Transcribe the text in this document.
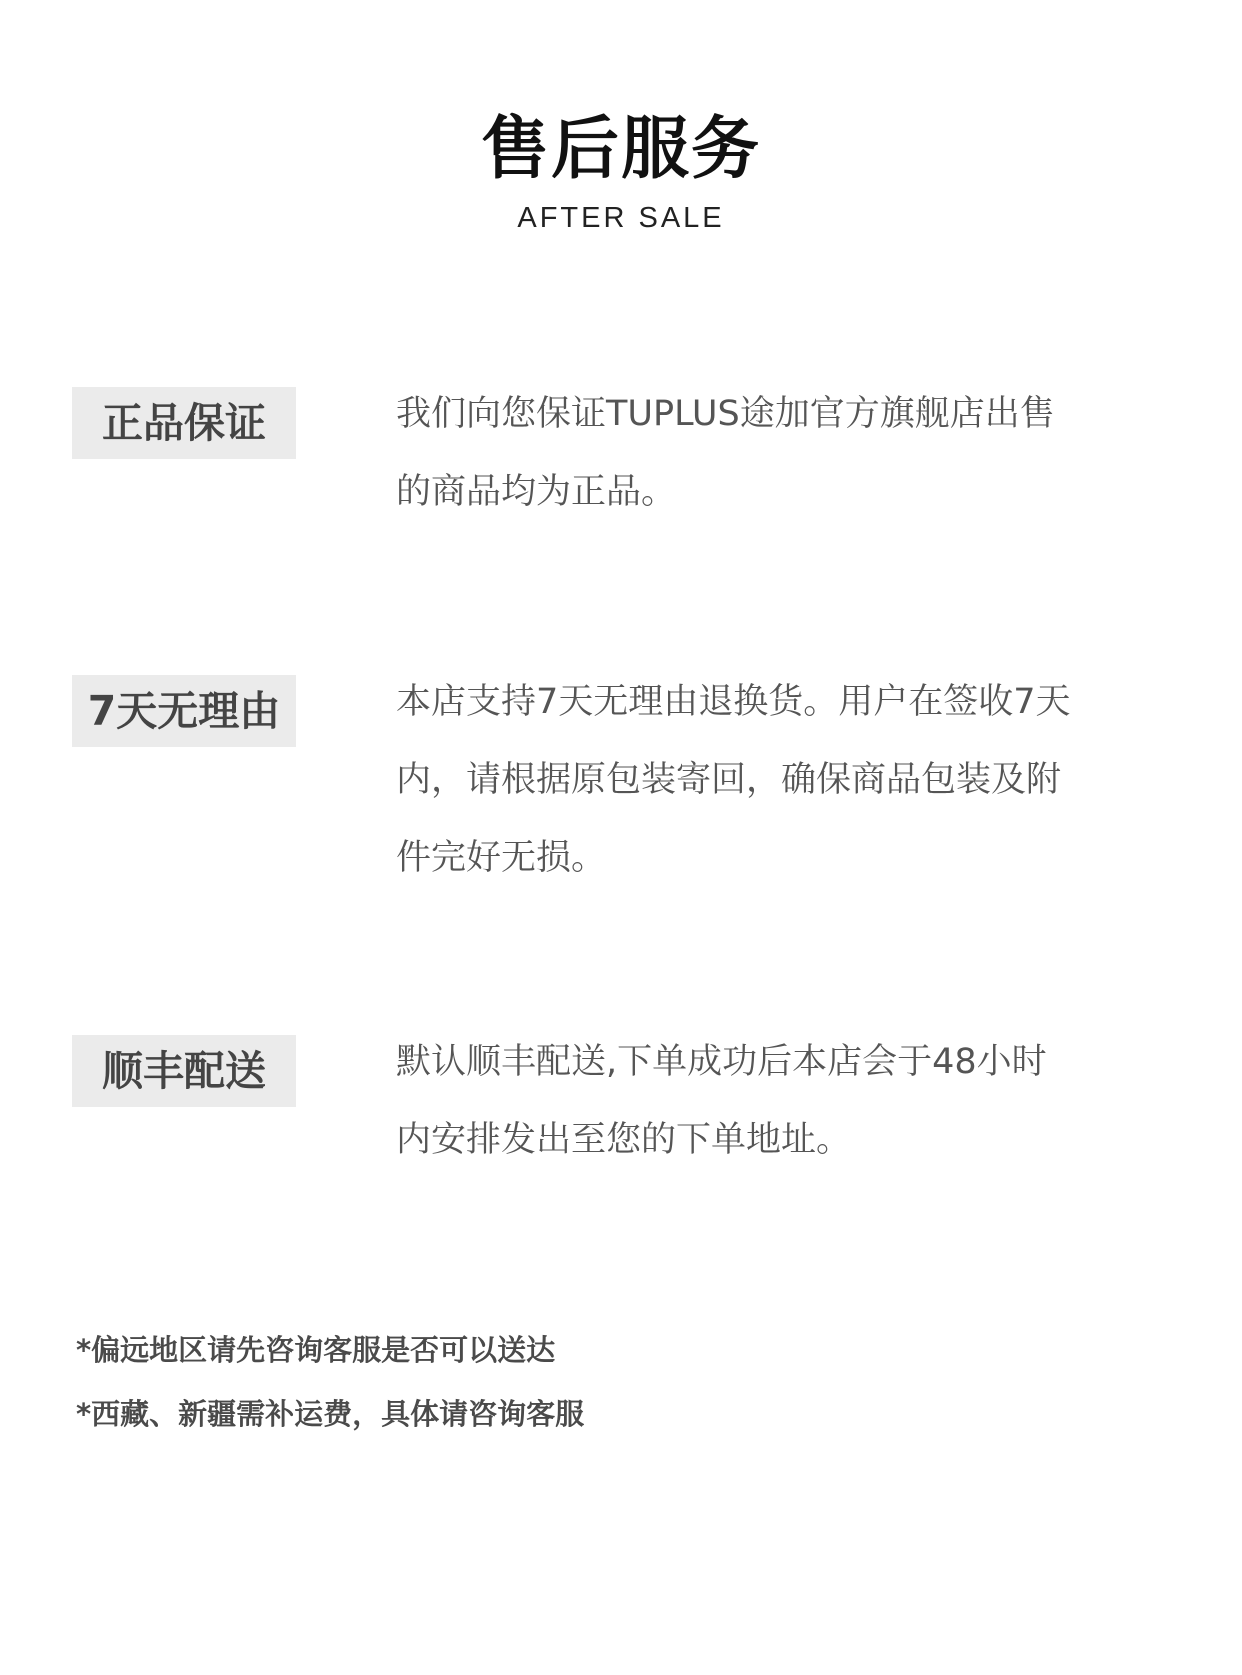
售后服务
AFTER SALE
正品保证	我们向您保证TUPLUS途加官方旗舰店出售
的商品均为正品。
7天无理由	本店支持7天无理由退换货。用户在签收7天
内，请根据原包装寄回，确保商品包装及附
件完好无损。
顺丰配送	默认顺丰配送,下单成功后本店会于48小时
内安排发出至您的下单地址。
*偏远地区请先咨询客服是否可以送达
*西藏、新疆需补运费，具体请咨询客服
